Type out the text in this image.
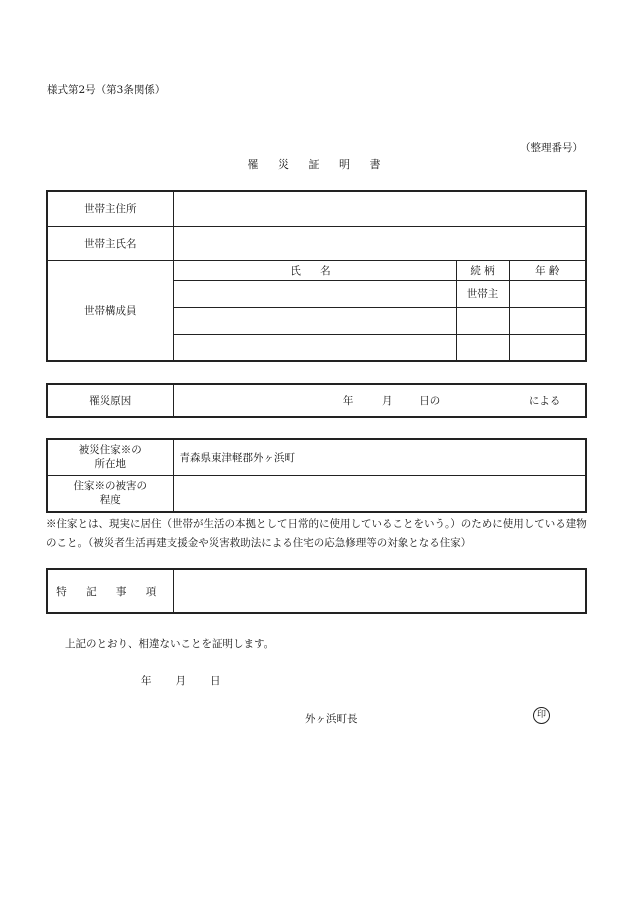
様式第2号（第3条関係）
（整理番号）
罹 災 証 明 書
世帯主住所			
世帯主氏名			
世帯構成員	氏 名	続 柄	年 齢
		世帯主	

罹災原因	年	月	日の	による
被災住家※の
所在地	青森県東津軽郡外ヶ浜町

住家※の被害の
程度	

※住家とは、現実に居住（世帯が生活の本拠として日常的に使用していることをいう。）のために使用している建物のこと。（被災者生活再建支援金や災害救助法による住宅の応急修理等の対象となる住家）
特 記 事 項	
上記のとおり、相違ないことを証明します。
年 月 日
外ヶ浜町長	印
